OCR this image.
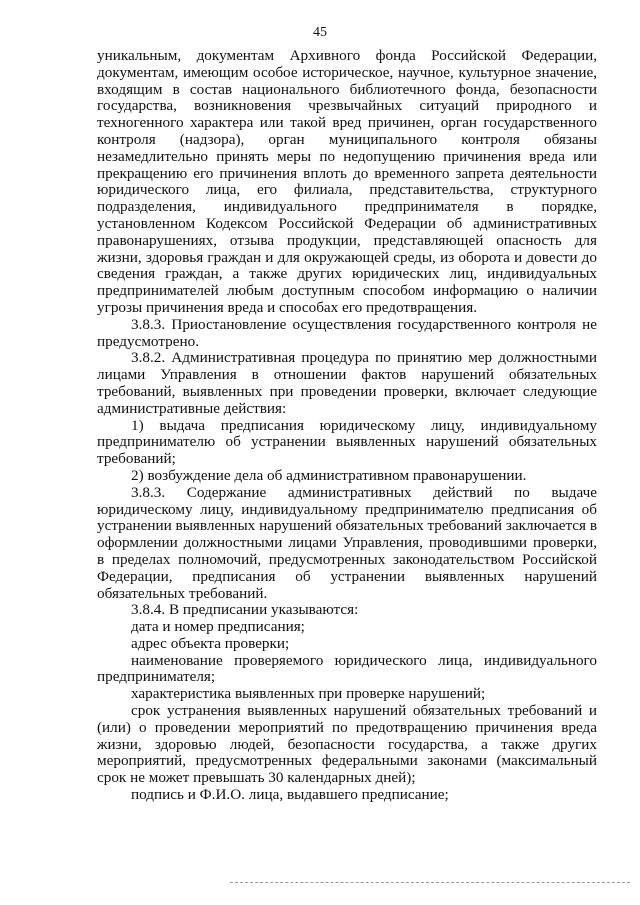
45

уникальным, документам Архивного фонда Российской Федерации, документам, имеющим особое историческое, научное, культурное значение, входящим в состав национального библиотечного фонда, безопасности государства, возникновения чрезвычайных ситуаций природного и техногенного характера или такой вред причинен, орган государственного контроля (надзора), орган муниципального контроля обязаны незамедлительно принять меры по недопущению причинения вреда или прекращению его причинения вплоть до временного запрета деятельности юридического лица, его филиала, представительства, структурного подразделения, индивидуального предпринимателя в порядке, установленном Кодексом Российской Федерации об административных правонарушениях, отзыва продукции, представляющей опасность для жизни, здоровья граждан и для окружающей среды, из оборота и довести до сведения граждан, а также других юридических лиц, индивидуальных предпринимателей любым доступным способом информацию о наличии угрозы причинения вреда и способах его предотвращения.

3.8.3. Приостановление осуществления государственного контроля не предусмотрено.

3.8.2. Административная процедура по принятию мер должностными лицами Управления в отношении фактов нарушений обязательных требований, выявленных при проведении проверки, включает следующие административные действия:

1) выдача предписания юридическому лицу, индивидуальному предпринимателю об устранении выявленных нарушений обязательных требований;

2) возбуждение дела об административном правонарушении.

3.8.3. Содержание административных действий по выдаче юридическому лицу, индивидуальному предпринимателю предписания об устранении выявленных нарушений обязательных требований заключается в оформлении должностными лицами Управления, проводившими проверки, в пределах полномочий, предусмотренных законодательством Российской Федерации, предписания об устранении выявленных нарушений обязательных требований.

3.8.4. В предписании указываются:

дата и номер предписания;

адрес объекта проверки;

наименование проверяемого юридического лица, индивидуального предпринимателя;

характеристика выявленных при проверке нарушений;

срок устранения выявленных нарушений обязательных требований и (или) о проведении мероприятий по предотвращению причинения вреда жизни, здоровью людей, безопасности государства, а также других мероприятий, предусмотренных федеральными законами (максимальный срок не может превышать 30 календарных дней);

подпись и Ф.И.О. лица, выдавшего предписание;
